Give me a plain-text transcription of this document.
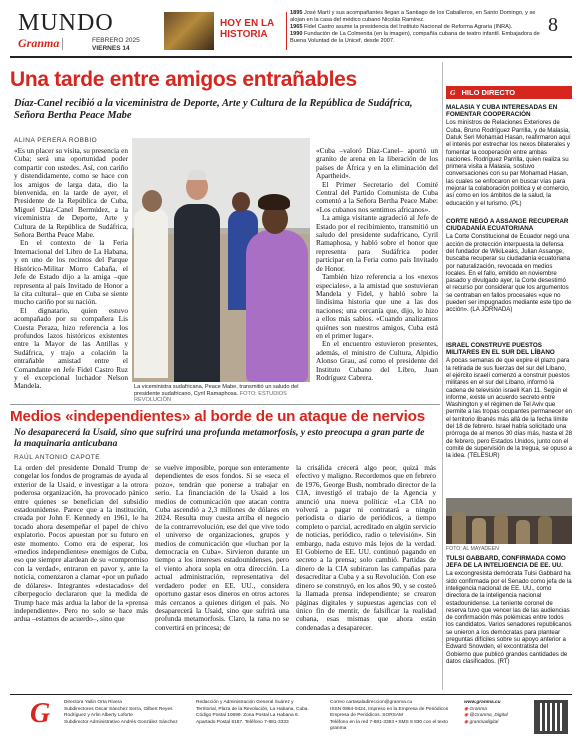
MUNDO
Granma	FEBRERO 2025
VIERNES 14
HOY EN LA HISTORIA
1895 José Martí y sus acompañantes llegan a Santiago de los Caballeros, en Santo Domingo, y se alojan en la casa del médico cubano Nicolás Ramírez.
1965 Fidel Castro asume la presidencia del Instituto Nacional de Reforma Agraria (INRA).
1990 Fundación de La Colmenita (en la imagen), compañía cubana de teatro infantil. Embajadora de Buena Voluntad de la Unicef, desde 2007.
8
Una tarde entre amigos entrañables
Díaz-Canel recibió a la viceministra de Deporte, Arte y Cultura de la República de Sudáfrica, Señora Bertha Peace Mabe
ALINA PERERA ROBBIO

«Es un placer su visita, su presencia en Cuba; será una oportunidad poder compartir con ustedes. Así, con cariño y distendidamente, como se hace con los amigos de larga data, dio la bienvenida, en la tarde de ayer, el Presidente de la República de Cuba, Miguel Díaz-Canel Bermúdez, a la viceministra de Deporte, Arte y Cultura de la República de Sudáfrica, Señora Bertha Peace Mabe.

En el contexto de la Feria Internacional del Libro de La Habana, y en uno de los recintos del Parque Histórico-Militar Morro Cabaña, el Jefe de Estado dijo a la amiga –que representa al país Invitado de Honor a la cita cultural– que en Cuba se siente mucho cariño por su nación.

El dignatario, quien estuvo acompañado por su compañera Lis Cuesta Peraza, hizo referencia a los profundos lazos históricos existentes entre la Mayor de las Antillas y Sudáfrica, y trajo a colación la entrañable amistad entre el Comandante en Jefe Fidel Castro Ruz y el excepcional luchador Nelson Mandela.	La viceministra sudafricana, Peace Mabe, transmitió un saludo del presidente sudafricano, Cyril Ramaphosa. FOTO: ESTUDIOS REVOLUCIÓN

«Cuba –valoró Díaz-Canel– aportó un granito de arena en la liberación de los países de África y en la eliminación del Apartheid».

El Primer Secretario del Comité Central del Partido Comunista de Cuba comentó a la Señora Bertha Peace Mabe: «Los cubanos nos sentimos africanos».

La amiga visitante agradeció al Jefe de Estado por el recibimiento, transmitió un saludo del presidente sudafricano, Cyril Ramaphosa, y habló sobre el honor que representa para Sudáfrica poder participar en la Feria como país Invitado de Honor.

También hizo referencia a los «nexos especiales», a la amistad que sostuvieran Mandela y Fidel, y habló sobre la lindísima historia que une a las dos naciones; una cercanía que, dijo, lo hizo a ellos más sabios. «Cuando analizamos quiénes son nuestros amigos, Cuba está en el primer lugar».

En el encuentro estuvieron presentes, además, el ministro de Cultura, Alpidio Alonso Grau, así como el presidente del Instituto Cubano del Libro, Juan Rodríguez Cabrera.

Medios «independientes» al borde de un ataque de nervios
No desaparecerá la Usaid, sino que sufrirá una profunda metamorfosis, y esto preocupa a gran parte de la maquinaria anticubana
RAÚL ANTONIO CAPOTE
La orden del presidente Donald Trump de congelar los fondos de programas de ayuda al exterior de la Usaid, e investigar a la otrora poderosa organización, ha provocado pánico entre quienes se benefician del subsidio estadounidense. Parece que a la institución, creada por John F. Kennedy en 1961, le ha tocado ahora desempeñar el papel de chivo expiatorio. Pocos apuestan por su futuro en este momento. Como era de esperar, los «medios independientes» enemigos de Cuba, eso que siempre alardean de su «compromiso con la verdad», entraron en pavor y, ante la noticia, comenzaron a clamar «por un puñado de dólares». Integrantes «destacados» del ciberpegocio declararon que la medida de Trump hace más ardua la labor de la «prensa independiente». Pero no solo se hace más ardua –estamos de acuerdo–, sino que
se vuelve imposible, porque son enteramente dependientes de esos fondos. Si se «seca el pozo», tendrán que ponerse a trabajar en serio. La financiación de la Usaid a los medios de comunicación que atacan contra Cuba ascendió a 2,3 millones de dólares en 2024. Resulta muy cuesta arriba el negocio de la contrarrevolución, ese del que vive todo el universo de organizaciones, grupos y medios de comunicación que «luchan por la democracia en Cuba». Sirvieron durante un tiempo a los intereses estadounidenses, pero el viento ahora sopla en otra dirección. La actual administración, representativa del verdadero poder en EE. UU., considera oportuno gastar esos dineros en otros actores más cercanos a quienes dirigen el país. No desaparecerá la Usaid, sino que sufrirá una profunda metamorfosis. Claro, la rana no se convertirá en princesa; de
la crisálida crecerá algo peor, quizá más efectivo y maligno. Recordemos que en febrero de 1976, George Bush, nombrado director de la CIA, investigó el trabajo de la Agencia y anunció una nueva política: «La CIA no volverá a pagar ni contratará a ningún periodista o diario de periódicos, a tiempo completo o parcial, acreditado en algún servicio de noticias, periódico, radio o televisión». Sin embargo, nada estuvo más lejos de la verdad. El Gobierno de EE. UU. continuó pagando en secreto a la prensa; solo cambió. Partidas de dinero de la CIA subiraron las campañas para desacreditar a Cuba y a su Revolución. Con ese dinero se construyó, en los años 90, y se costeó la llamada prensa independiente; se crearon páginas digitales y supuestas agencias con el único fin de mentir, de falsificar la realidad cubana, esas mismas que ahora están condenadas a desaparecer.
G HILO DIRECTO
MALASIA Y CUBA INTERESADAS EN FOMENTAR COOPERACIÓN
Los ministros de Relaciones Exteriores de Cuba, Bruno Rodríguez Parrilla, y de Malasia, Datuk Seri Mohamad Hasan, reafirmaron aquí el interés por estrechar los nexos bilaterales y fomentar la cooperación entre ambas naciones. Rodríguez Parrilla, quien realiza su primera visita a Malasia, sostuvo conversaciones con su par Mohamad Hasan, las cuales se enfocaron en buscar vías para mejorar la colaboración política y el comercio, así como en los ámbitos de la salud, la educación y el turismo. (PL)
CORTE NEGÓ A ASSANGE RECUPERAR CIUDADANÍA ECUATORIANA
La Corte Constitucional de Ecuador negó una acción de protección interpuesta la defensa del fundador de WikiLeaks, Julian Assange, buscaba recuperar su ciudadanía ecuatoriana por naturalización, revocada en medios locales. En el fallo, emitido en noviembre pasado y divulgado ayer, la Corte desestimó el recurso por considerar que los argumentos se centraban en fallos procesales «que no pueden ser impugnados mediante este tipo de acción». (LA JORNADA)
ISRAEL CONSTRUYE PUESTOS MILITARES EN EL SUR DEL LÍBANO
A pocas semanas de que expire el plazo para la retirada de sus fuerzas del sur del Líbano, el ejército israelí comenzó a construir puestos militares en el sur del Líbano, informó la cadena de televisión israelí Kan 11. Según el informe, existe un acuerdo secreto entre Washington y el régimen de Tel Aviv que permite a las tropas ocupantes permanecer en el territorio libanés más allá de la fecha límite del 18 de febrero. Israel había solicitado una prórroga de al menos 30 días más, hasta el 28 de febrero, pero Estados Unidos, junto con el comité de supervisión de la tregua, se opuso a la idea. (TELESUR)
FOTO: AL MAYADEEN
TULSI GABBARD, CONFIRMADA COMO JEFA DE LA INTELIGENCIA DE EE. UU.
La excongresista demócrata Tulsi Gabbard ha sido confirmada por el Senado como jefa de la inteligencia nacional de EE. UU., como directora de la inteligencia nacional estadounidense. La teniente coronel de reserva tuvo que vencer las de las audiencias de confirmación más polémicas entre todos los candidatos. Varios senadores republicanos se unieron a los demócratas para plantear preguntas difíciles sobre su apoyo anterior a Edward Snowden, el excontratista del Gobierno que publicó grandes cantidades de datos clasificados. (RT)
G	Directora Yailin Orta Rivera
Subdirectores Oscar Sánchez Serra, Gilbert Reyes
Rodríguez y Arlin Alberty Loforte
Subdirector Administrativo Andrés González Sánchez
Redacción y Administración General Suárez y
Territorial, Plaza de la Revolución, La Habana, Cuba.
Código Postal 10699. Zona Postal La Habana 6.
Apartado Postal 6187. Teléfono 7-881-3333
Correo cartasaladireccion@granma.cu
ISSN 0864-0424. Impreso en la Empresa de Periódicos
Empresa de Periódicos. SORSAM
Teléfono en la red 7-881-3393 • SMS 8 830 con el texto granma
www.granma.cu
◉ Granma
◉ @Granma_Digital
◉ granmadigital
